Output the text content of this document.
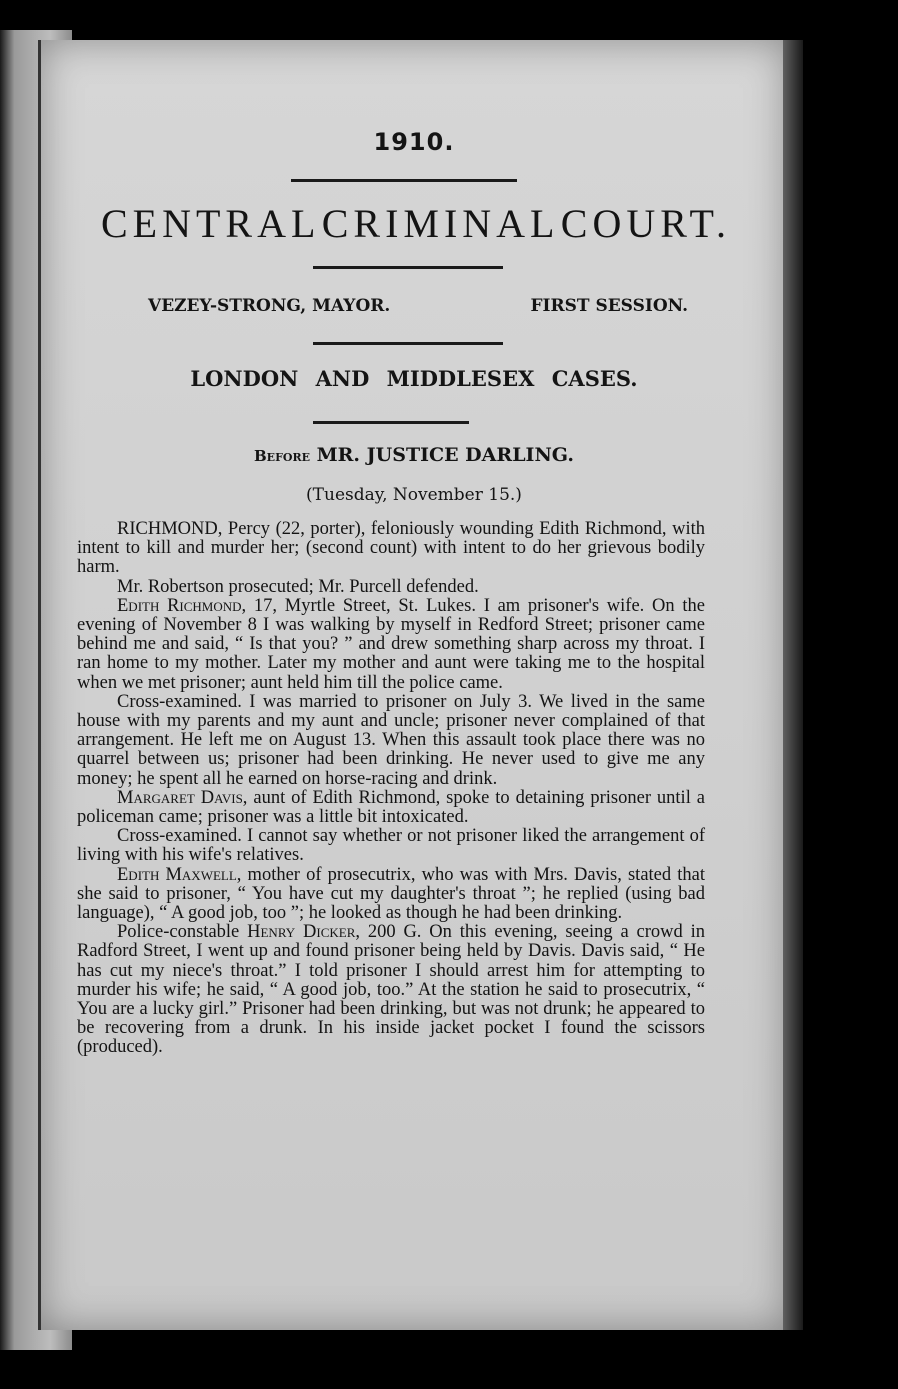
1910.
CENTRAL CRIMINAL COURT.
VEZEY-STRONG, MAYOR.	FIRST SESSION.
LONDON AND MIDDLESEX CASES.
Before MR. JUSTICE DARLING.
(Tuesday, November 15.)

RICHMOND, Percy (22, porter), feloniously wounding Edith Richmond, with intent to kill and murder her; (second count) with intent to do her grievous bodily harm.

Mr. Robertson prosecuted; Mr. Purcell defended.

Edith Richmond, 17, Myrtle Street, St. Lukes. I am prisoner's wife. On the evening of November 8 I was walking by myself in Redford Street; prisoner came behind me and said, “ Is that you? ” and drew something sharp across my throat. I ran home to my mother. Later my mother and aunt were taking me to the hospital when we met prisoner; aunt held him till the police came.

Cross-examined. I was married to prisoner on July 3. We lived in the same house with my parents and my aunt and uncle; prisoner never complained of that arrangement. He left me on August 13. When this assault took place there was no quarrel between us; prisoner had been drinking. He never used to give me any money; he spent all he earned on horse-racing and drink.

Margaret Davis, aunt of Edith Richmond, spoke to detaining prisoner until a policeman came; prisoner was a little bit intoxicated.

Cross-examined. I cannot say whether or not prisoner liked the arrangement of living with his wife's relatives.

Edith Maxwell, mother of prosecutrix, who was with Mrs. Davis, stated that she said to prisoner, “ You have cut my daughter's throat ”; he replied (using bad language), “ A good job, too ”; he looked as though he had been drinking.

Police-constable Henry Dicker, 200 G. On this evening, seeing a crowd in Radford Street, I went up and found prisoner being held by Davis. Davis said, “ He has cut my niece's throat.” I told prisoner I should arrest him for attempting to murder his wife; he said, “ A good job, too.” At the station he said to prosecutrix, “ You are a lucky girl.” Prisoner had been drinking, but was not drunk; he appeared to be recovering from a drunk. In his inside jacket pocket I found the scissors (produced).
